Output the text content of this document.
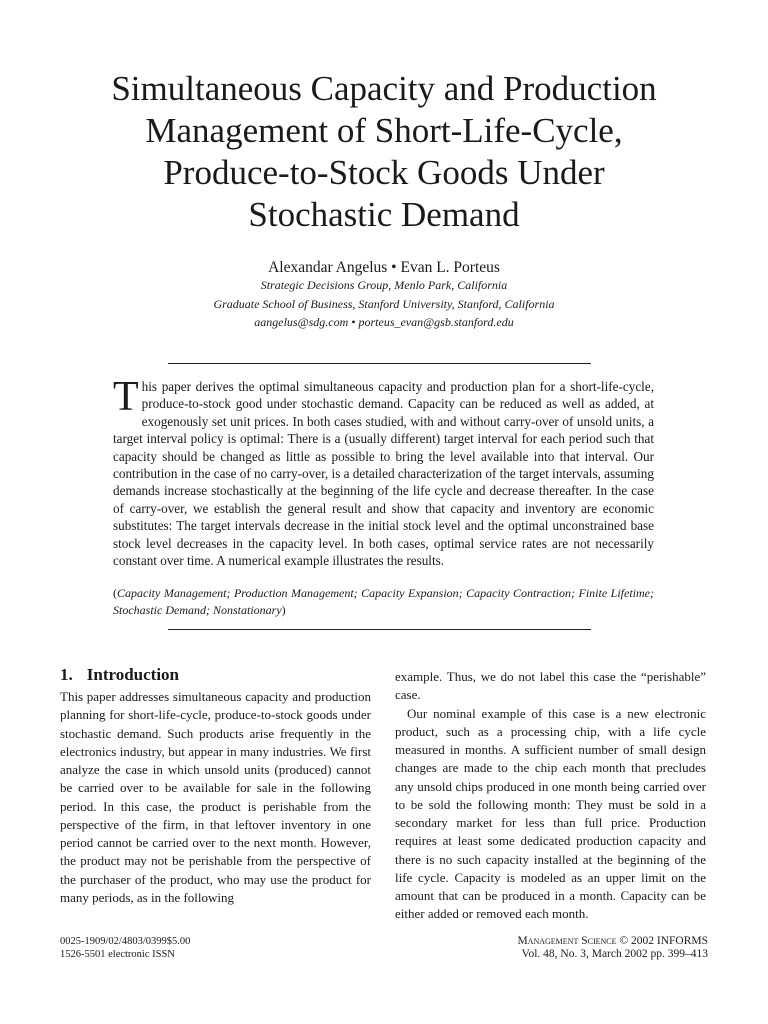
Simultaneous Capacity and Production
Management of Short-Life-Cycle,
Produce-to-Stock Goods Under
Stochastic Demand
Alexandar Angelus • Evan L. Porteus
Strategic Decisions Group, Menlo Park, California
Graduate School of Business, Stanford University, Stanford, California
aangelus@sdg.com • porteus_evan@gsb.stanford.edu

This paper derives the optimal simultaneous capacity and production plan for a short-life-cycle, produce-to-stock good under stochastic demand. Capacity can be reduced as well as added, at exogenously set unit prices. In both cases studied, with and without carry-over of unsold units, a target interval policy is optimal: There is a (usually different) target interval for each period such that capacity should be changed as little as possible to bring the level available into that interval. Our contribution in the case of no carry-over, is a detailed characterization of the target intervals, assuming demands increase stochastically at the beginning of the life cycle and decrease thereafter. In the case of carry-over, we establish the general result and show that capacity and inventory are economic substitutes: The target intervals decrease in the initial stock level and the optimal unconstrained base stock level decreases in the capacity level. In both cases, optimal service rates are not necessarily constant over time. A numerical example illustrates the results.

(Capacity Management; Production Management; Capacity Expansion; Capacity Contraction; Finite Lifetime; Stochastic Demand; Nonstationary)

1. Introduction

This paper addresses simultaneous capacity and production planning for short-life-cycle, produce-to-stock goods under stochastic demand. Such products arise frequently in the electronics industry, but appear in many industries. We first analyze the case in which unsold units (produced) cannot be carried over to be available for sale in the following period. In this case, the product is perishable from the perspective of the firm, in that leftover inventory in one period cannot be carried over to the next month. However, the product may not be perishable from the perspective of the purchaser of the product, who may use the product for many periods, as in the following

example. Thus, we do not label this case the “perishable” case.

Our nominal example of this case is a new electronic product, such as a processing chip, with a life cycle measured in months. A sufficient number of small design changes are made to the chip each month that precludes any unsold chips produced in one month being carried over to be sold the following month: They must be sold in a secondary market for less than full price. Production requires at least some dedicated production capacity and there is no such capacity installed at the beginning of the life cycle. Capacity is modeled as an upper limit on the amount that can be produced in a month. Capacity can be either added or removed each month.

0025-1909/02/4803/0399$5.00
1526-5501 electronic ISSN
Management Science © 2002 INFORMS
Vol. 48, No. 3, March 2002 pp. 399–413
